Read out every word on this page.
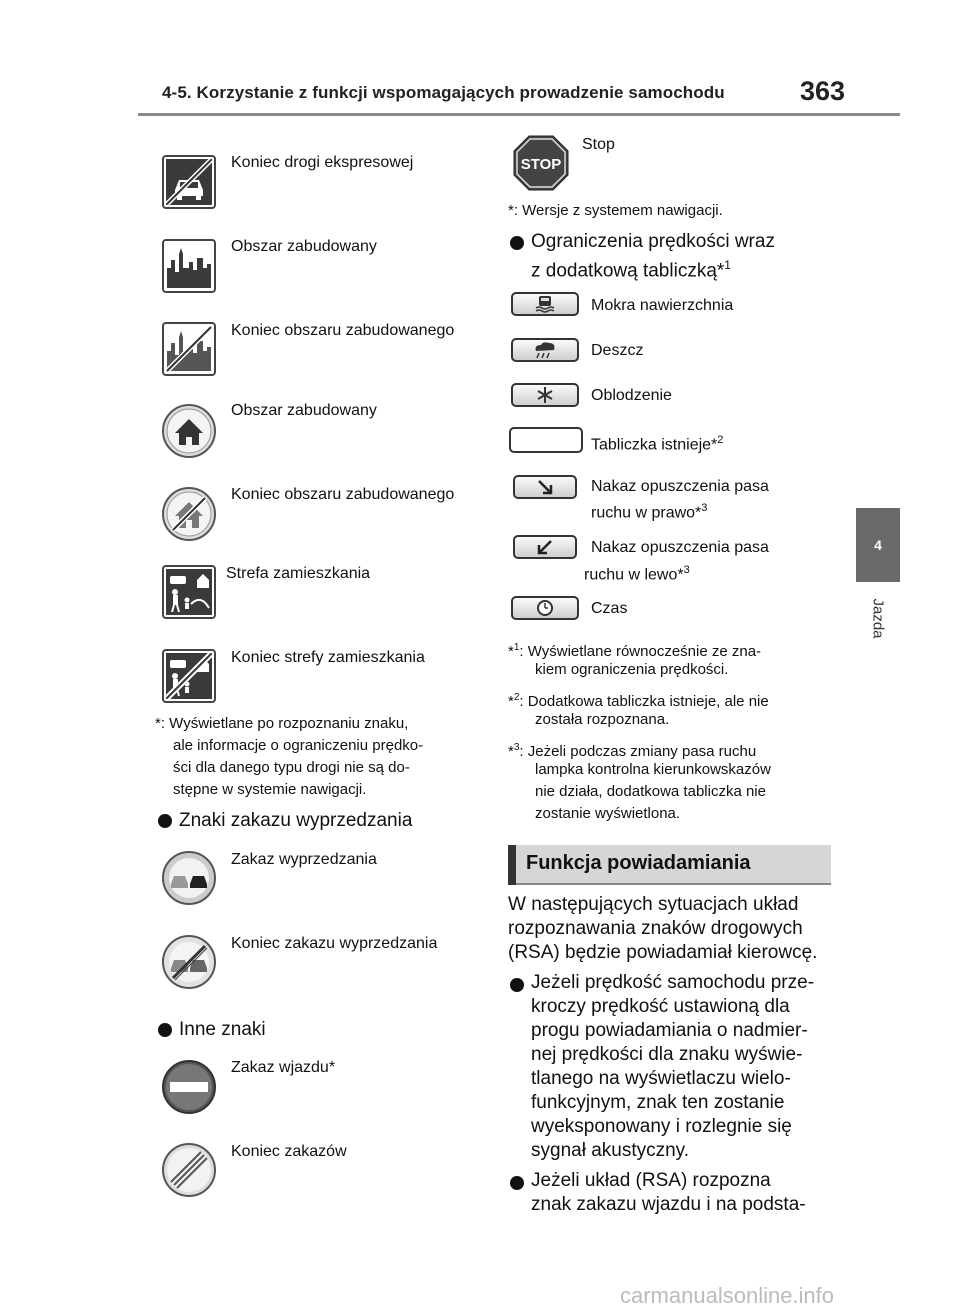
4-5. Korzystanie z funkcji wspomagających prowadzenie samochodu	363
4
Jazda
Koniec drogi ekspresowej
Obszar zabudowany
Koniec obszaru zabudowanego
Obszar zabudowany
Koniec obszaru zabudowanego
Strefa zamieszkania
Koniec strefy zamieszkania
*: Wyświetlane po rozpoznaniu znaku,
ale informacje o ograniczeniu prędko-
ści dla danego typu drogi nie są do-
stępne w systemie nawigacji.
Znaki zakazu wyprzedzania
Zakaz wyprzedzania
Koniec zakazu wyprzedzania
Inne znaki
Zakaz wjazdu*
Koniec zakazów
STOP
Stop
*: Wersje z systemem nawigacji.
Ograniczenia prędkości wraz
z dodatkową tabliczką*$^1$
Mokra nawierzchnia
Deszcz
Oblodzenie
Tabliczka istnieje*$^2$
Nakaz opuszczenia pasa
ruchu w prawo*$^3$
Nakaz opuszczenia pasa
ruchu w lewo*$^3$
Czas
*$^1$: Wyświetlane równocześnie ze zna-
kiem ograniczenia prędkości.
*$^2$: Dodatkowa tabliczka istnieje, ale nie
została rozpoznana.
*$^3$: Jeżeli podczas zmiany pasa ruchu
lampka kontrolna kierunkowskazów
nie działa, dodatkowa tabliczka nie
zostanie wyświetlona.
Funkcja powiadamiania
W następujących sytuacjach układ
rozpoznawania znaków drogowych
(RSA) będzie powiadamiał kierowcę.
Jeżeli prędkość samochodu prze-
kroczy prędkość ustawioną dla
progu powiadamiania o nadmier-
nej prędkości dla znaku wyświe-
tlanego na wyświetlaczu wielo-
funkcyjnym, znak ten zostanie
wyeksponowany i rozlegnie się
sygnał akustyczny.
Jeżeli układ (RSA) rozpozna
znak zakazu wjazdu i na podsta-
carmanualsonline.info
